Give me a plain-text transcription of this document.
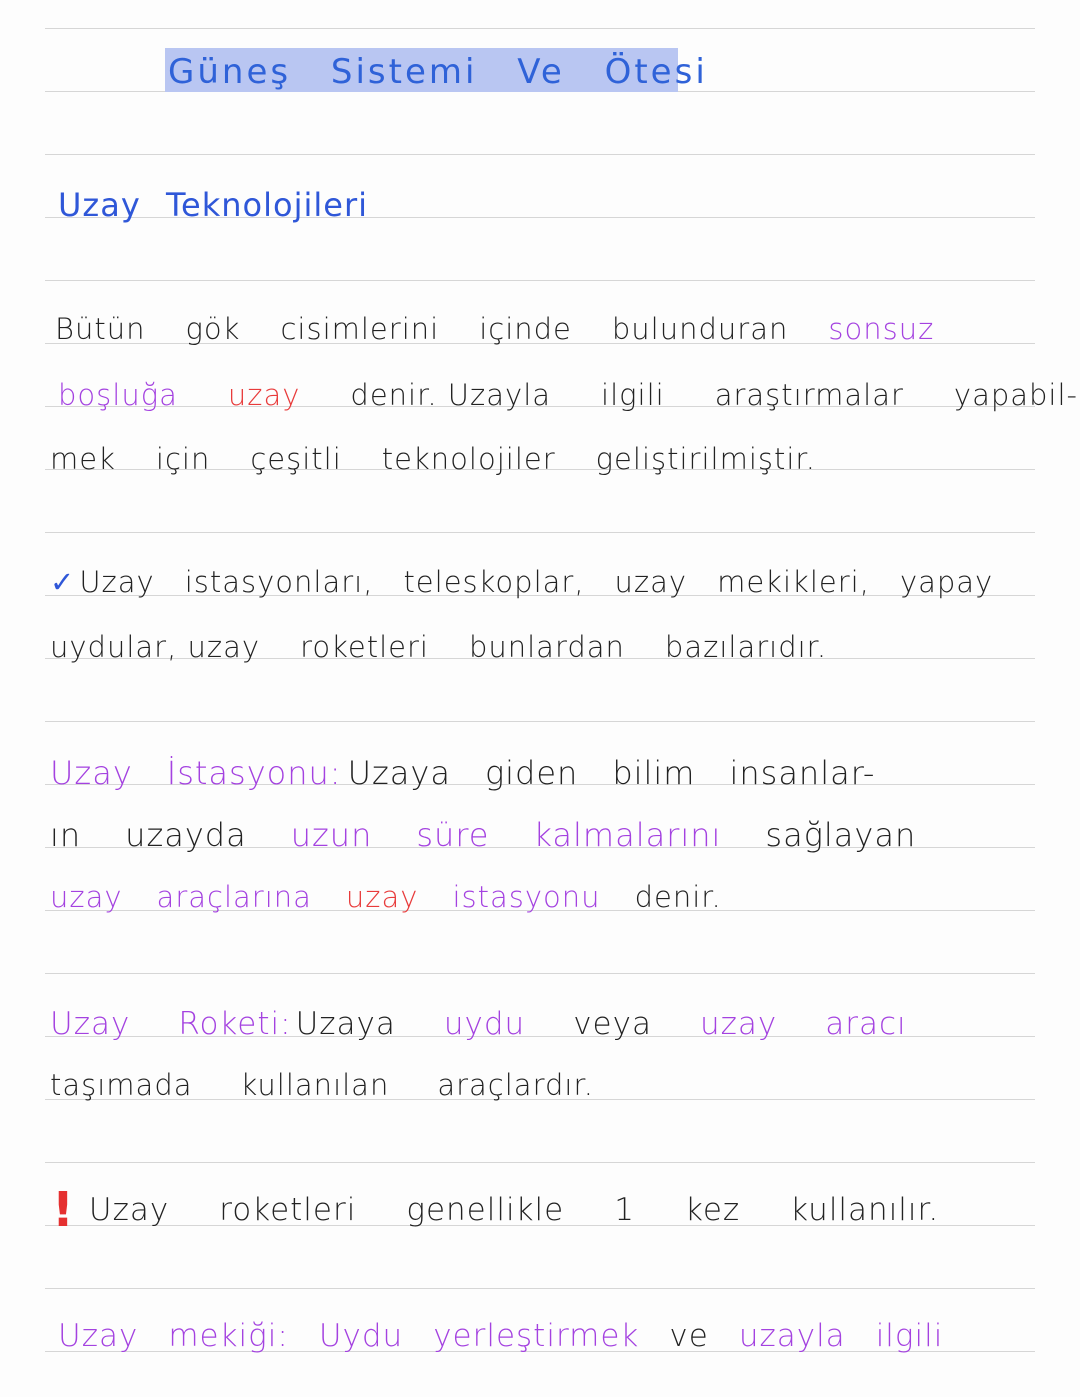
Güneş Sistemi Ve Ötesi
Uzay Teknolojileri
Bütün gök cisimlerini içinde bulunduran sonsuz
boşluğa uzay denir. Uzayla ilgili araştırmalar yapabil-
mek için çeşitli teknolojiler geliştirilmiştir.
✓ Uzay istasyonları, teleskoplar, uzay mekikleri, yapay
uydular, uzay roketleri bunlardan bazılarıdır.
Uzay İstasyonu: Uzaya giden bilim insanlar-
ın uzayda uzun süre kalmalarını sağlayan
uzay araçlarına uzay istasyonu denir.
Uzay Roketi: Uzaya uydu veya uzay aracı
taşımada kullanılan araçlardır.
! Uzay roketleri genellikle 1 kez kullanılır.
Uzay mekiği: Uydu yerleştirmek ve uzayla ilgili
